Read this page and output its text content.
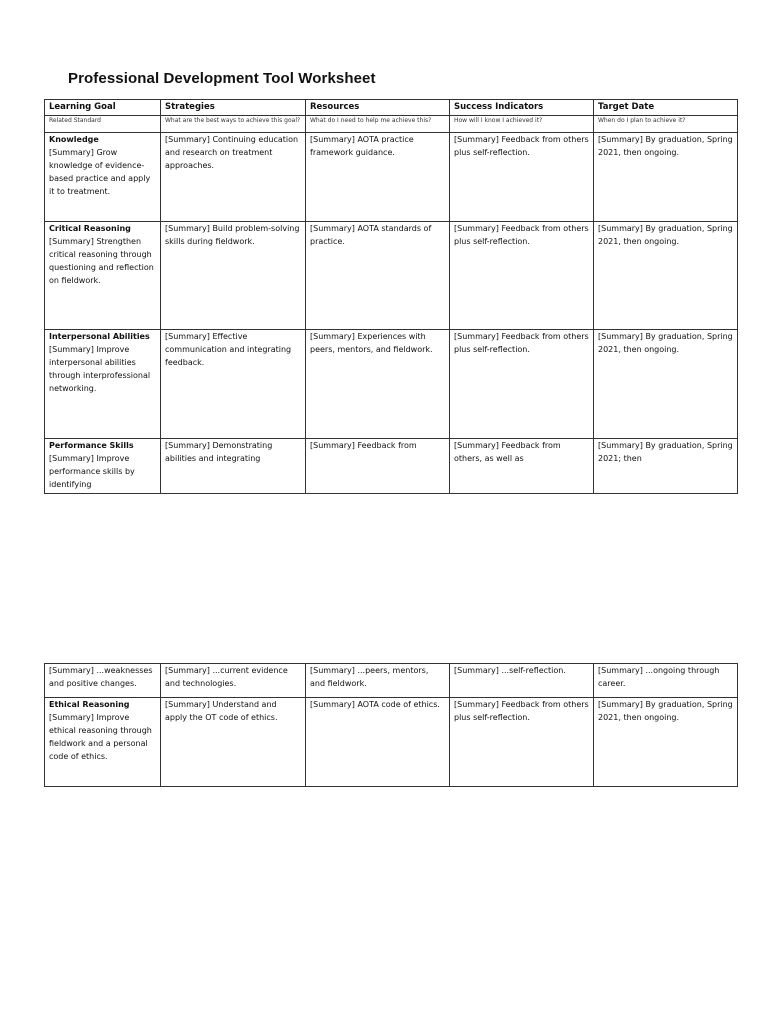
Professional Development Tool Worksheet
Learning Goal	Strategies	Resources	Success Indicators	Target Date
Related Standard	What are the best ways to achieve this goal?	What do I need to help me achieve this?	How will I know I achieved it?	When do I plan to achieve it?

Knowledge
[Summary] Grow knowledge of evidence-based practice and apply it to treatment.	[Summary] Continuing education and research on treatment approaches.	[Summary] AOTA practice framework guidance.	[Summary] Feedback from others plus self-reflection.	[Summary] By graduation, Spring 2021, then ongoing.

Critical Reasoning
[Summary] Strengthen critical reasoning through questioning and reflection on fieldwork.	[Summary] Build problem-solving skills during fieldwork.	[Summary] AOTA standards of practice.	[Summary] Feedback from others plus self-reflection.	[Summary] By graduation, Spring 2021, then ongoing.

Interpersonal Abilities
[Summary] Improve interpersonal abilities through interprofessional networking.	[Summary] Effective communication and integrating feedback.	[Summary] Experiences with peers, mentors, and fieldwork.	[Summary] Feedback from others plus self-reflection.	[Summary] By graduation, Spring 2021, then ongoing.

Performance Skills
[Summary] Improve performance skills by identifying	[Summary] Demonstrating abilities and integrating	[Summary] Feedback from	[Summary] Feedback from others, as well as	[Summary] By graduation, Spring 2021; then
[Summary] ...weaknesses and positive changes.	[Summary] ...current evidence and technologies.	[Summary] ...peers, mentors, and fieldwork.	[Summary] ...self-reflection.	[Summary] ...ongoing through career.

Ethical Reasoning
[Summary] Improve ethical reasoning through fieldwork and a personal code of ethics.	[Summary] Understand and apply the OT code of ethics.	[Summary] AOTA code of ethics.	[Summary] Feedback from others plus self-reflection.	[Summary] By graduation, Spring 2021, then ongoing.
